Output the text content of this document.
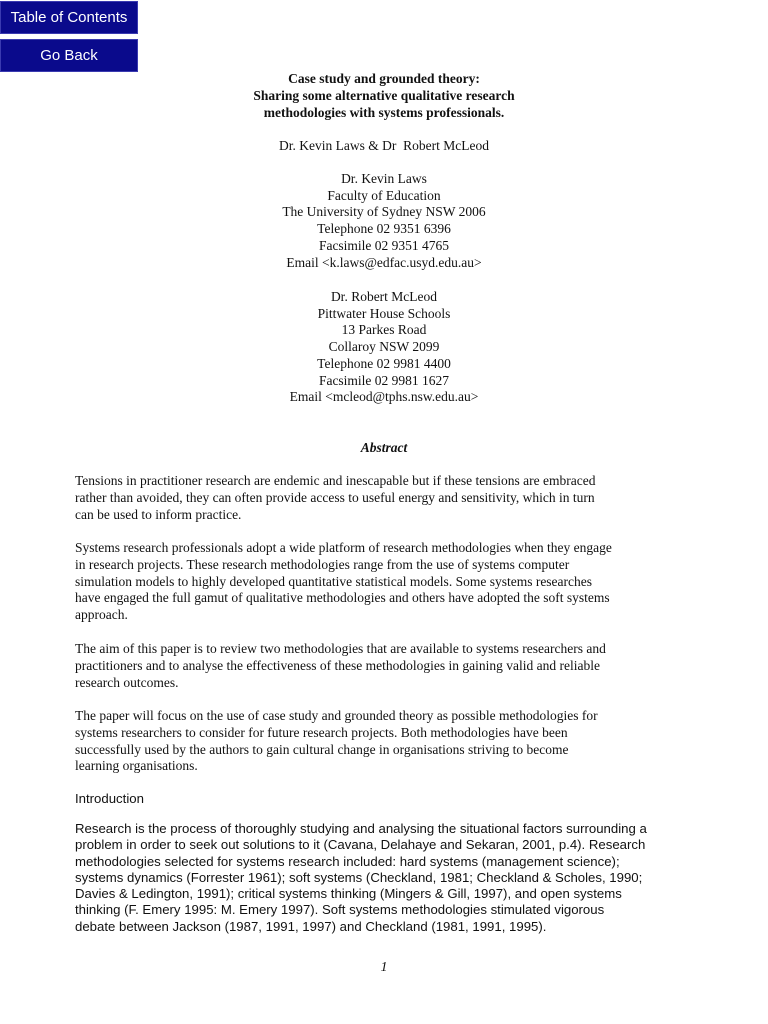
Table of Contents
Go Back
Case study and grounded theory:
Sharing some alternative qualitative research
methodologies with systems professionals.
Dr. Kevin Laws & Dr  Robert McLeod
Dr. Kevin Laws
Faculty of Education
The University of Sydney NSW 2006
Telephone 02 9351 6396
Facsimile 02 9351 4765
Email <k.laws@edfac.usyd.edu.au>
Dr. Robert McLeod
Pittwater House Schools
13 Parkes Road
Collaroy NSW 2099
Telephone 02 9981 4400
Facsimile 02 9981 1627
Email <mcleod@tphs.nsw.edu.au>
Abstract

Tensions in practitioner research are endemic and inescapable but if these tensions are embraced
rather than avoided, they can often provide access to useful energy and sensitivity, which in turn
can be used to inform practice.

Systems research professionals adopt a wide platform of research methodologies when they engage
in research projects. These research methodologies range from the use of systems computer
simulation models to highly developed quantitative statistical models. Some systems researches
have engaged the full gamut of qualitative methodologies and others have adopted the soft systems
approach.

The aim of this paper is to review two methodologies that are available to systems researchers and
practitioners and to analyse the effectiveness of these methodologies in gaining valid and reliable
research outcomes.

The paper will focus on the use of case study and grounded theory as possible methodologies for
systems researchers to consider for future research projects. Both methodologies have been
successfully used by the authors to gain cultural change in organisations striving to become
learning organisations.

Introduction

Research is the process of thoroughly studying and analysing the situational factors surrounding a
problem in order to seek out solutions to it (Cavana, Delahaye and Sekaran, 2001, p.4). Research
methodologies selected for systems research included: hard systems (management science);
systems dynamics (Forrester 1961); soft systems (Checkland, 1981; Checkland & Scholes, 1990;
Davies & Ledington, 1991); critical systems thinking (Mingers & Gill, 1997), and open systems
thinking (F. Emery 1995: M. Emery 1997). Soft systems methodologies stimulated vigorous
debate between Jackson (1987, 1991, 1997) and Checkland (1981, 1991, 1995).

1
